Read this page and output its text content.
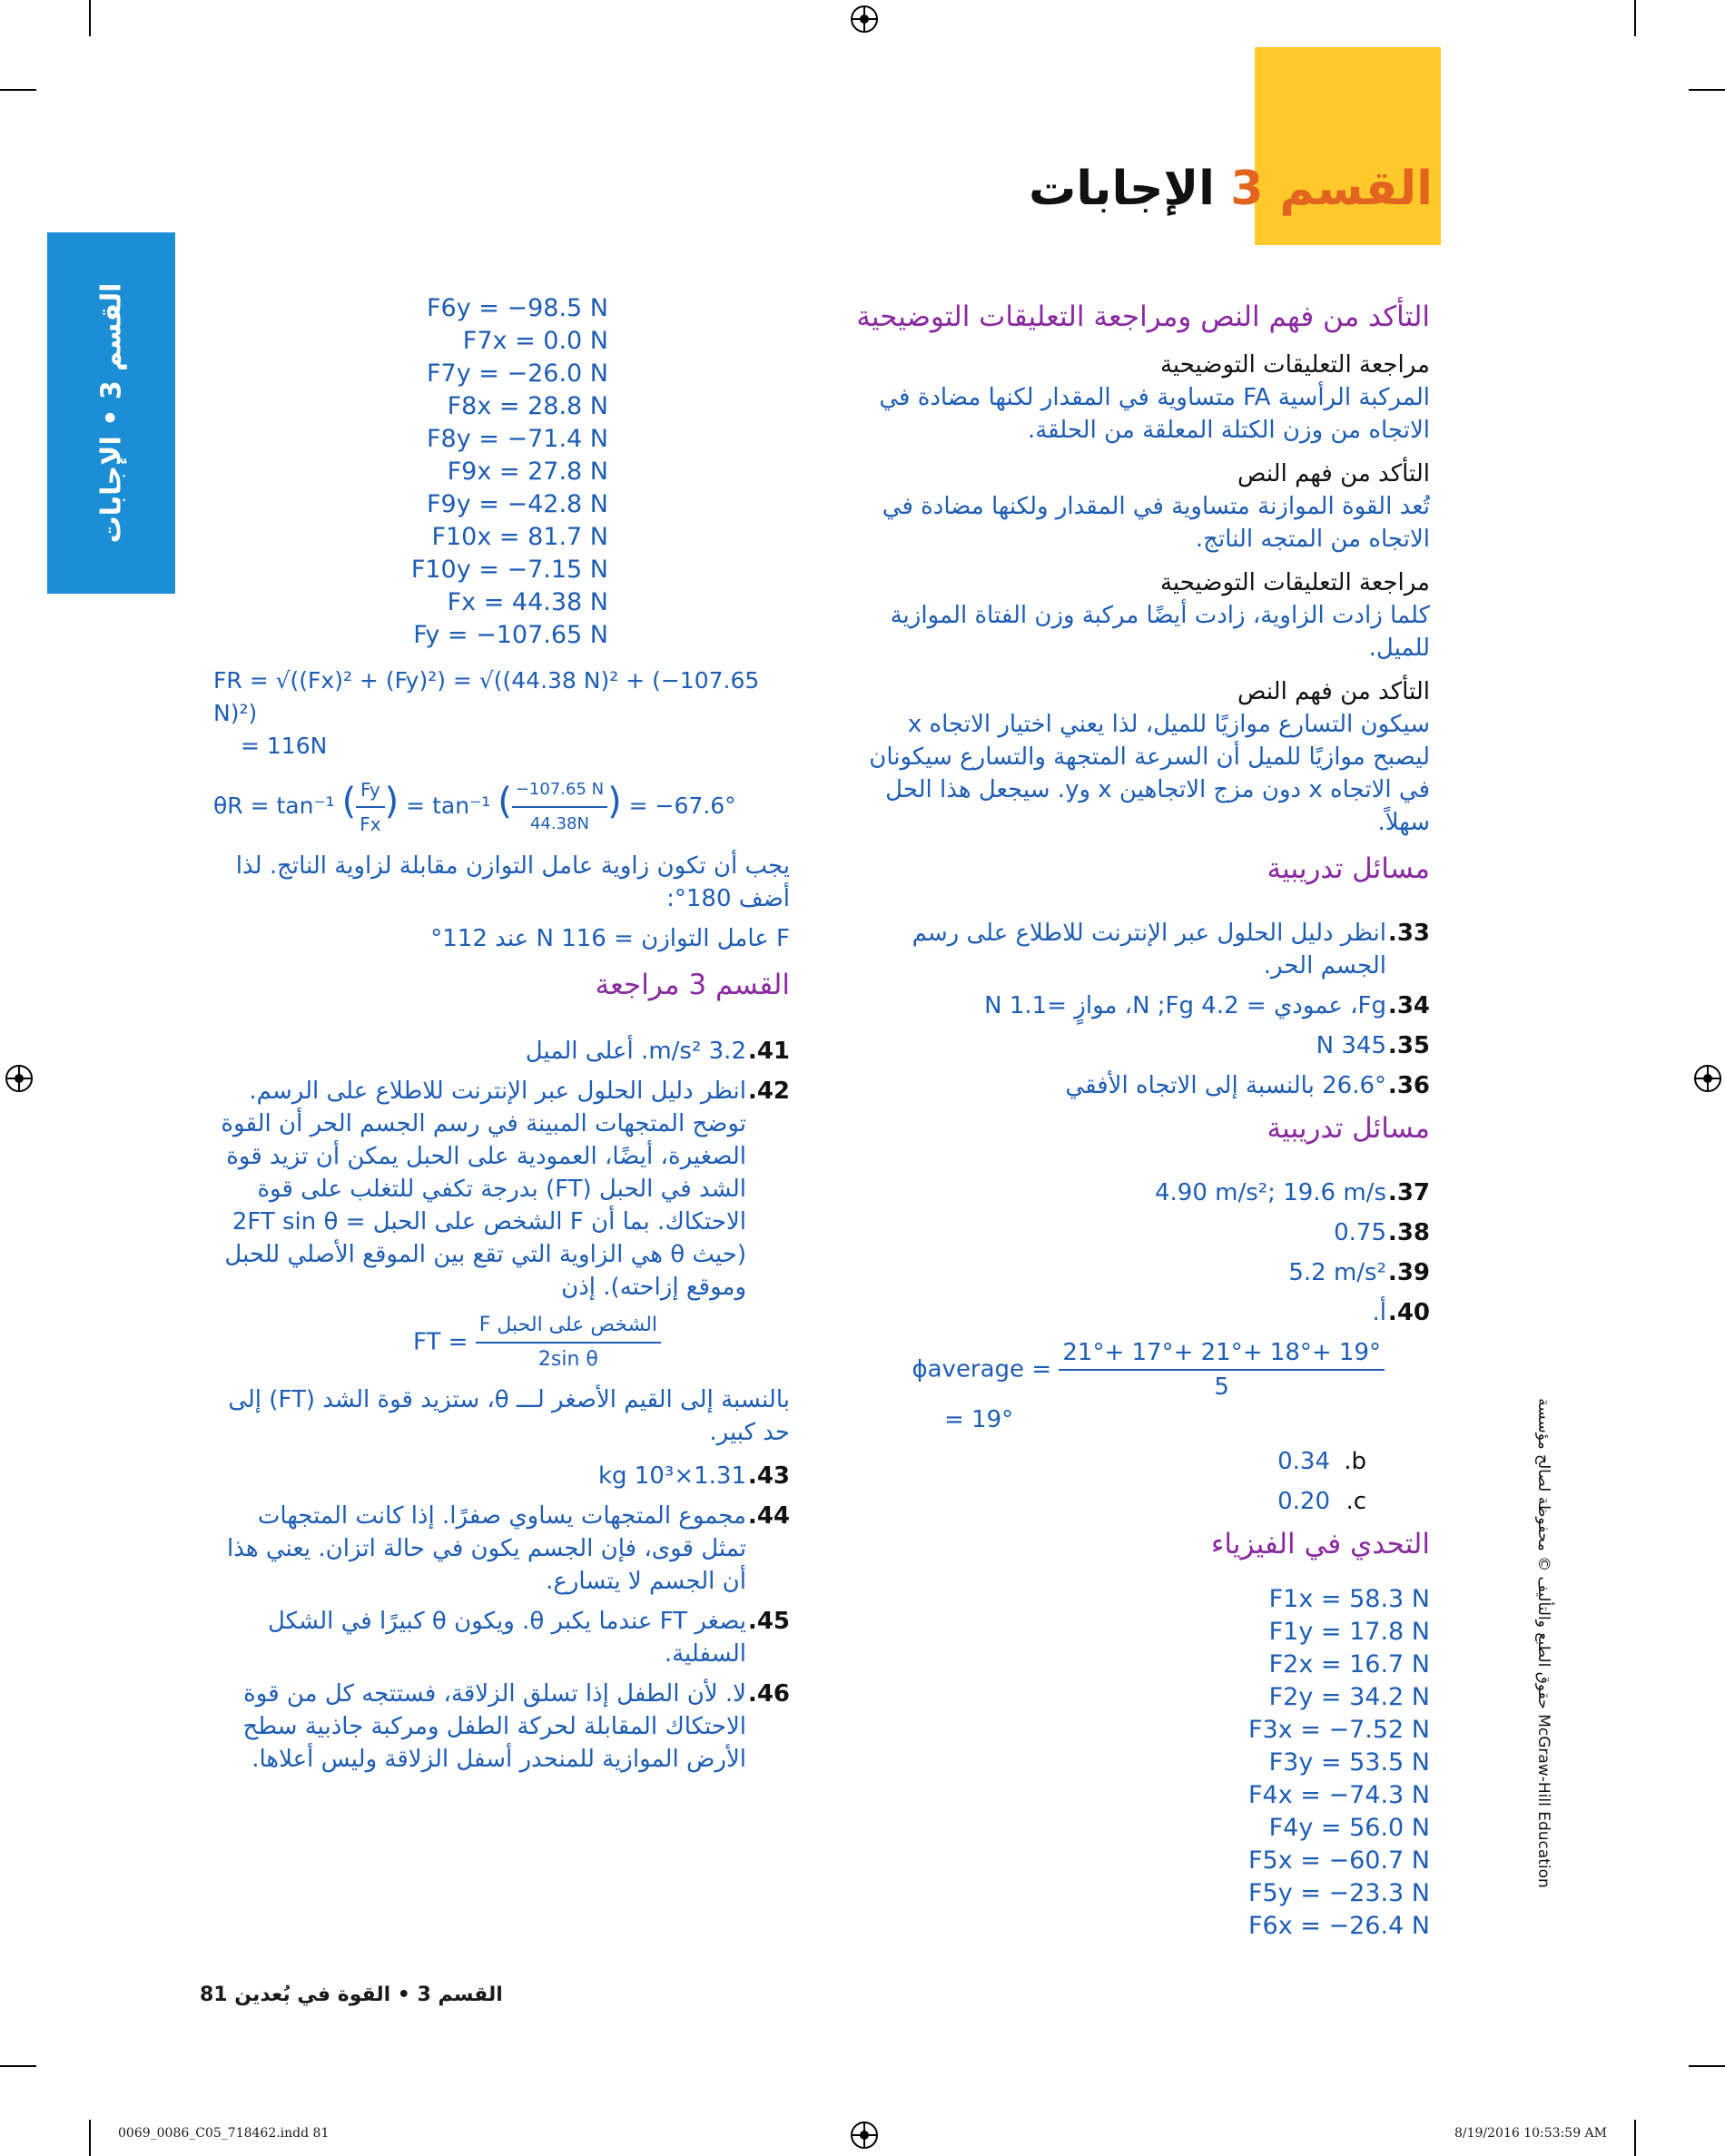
القسم 3
الإجابات
القسم 3 • الإجابات	التأكد من فهم النص ومراجعة التعليقات التوضيحية

مراجعة التعليقات التوضيحية

المركبة الرأسية FA متساوية في المقدار لكنها مضادة في الاتجاه من وزن الكتلة المعلقة من الحلقة.

التأكد من فهم النص

تُعد القوة الموازنة متساوية في المقدار ولكنها مضادة في الاتجاه من المتجه الناتج.

مراجعة التعليقات التوضيحية

كلما زادت الزاوية، زادت أيضًا مركبة وزن الفتاة الموازية للميل.

التأكد من فهم النص

سيكون التسارع موازيًا للميل، لذا يعني اختيار الاتجاه x ليصبح موازيًا للميل أن السرعة المتجهة والتسارع سيكونان في الاتجاه x دون مزج الاتجاهين x وy. سيجعل هذا الحل سهلاً.

مسائل تدريبية
33.
انظر دليل الحلول عبر الإنترنت للاطلاع على رسم الجسم الحر.
34.
Fg، عمودي = 4.2 N ;Fg، موازٍ =1.1 N
35.
345 N
36.
26.6° بالنسبة إلى الاتجاه الأفقي
مسائل تدريبية
37.
4.90 m/s²; 19.6 m/s
38.
0.75
39.
5.2 m/s²
40.
أ.
ϕaverage = $\frac{21^\circ+ 17^\circ+ 21^\circ+ 18^\circ+ 19^\circ}{5}$
= 19°
b.
0.34
c.
0.20
التحدي في الفيزياء
F1x = 58.3 N
F1y = 17.8 N
F2x = 16.7 N
F2y = 34.2 N
F3x = −7.52 N
F3y = 53.5 N
F4x = −74.3 N
F4y = 56.0 N
F5x = −60.7 N
F5y = −23.3 N
F6x = −26.4 N
F6y = −98.5 N
F7x = 0.0 N
F7y = −26.0 N
F8x = 28.8 N
F8y = −71.4 N
F9x = 27.8 N
F9y = −42.8 N
F10x = 81.7 N
F10y = −7.15 N
Fx = 44.38 N
Fy = −107.65 N
FR = √((Fx)² + (Fy)²) = √((44.38 N)² + (−107.65 N)²)
= 116N
θR = tan⁻¹ ( $\frac{Fy}{Fx}$ ) = tan⁻¹ ( $\frac{-107.65 N}{44.38N}$ ) = −67.6°

يجب أن تكون زاوية عامل التوازن مقابلة لزاوية الناتج. لذا أضف 180°:

F عامل التوازن = 116 N عند 112°

القسم 3 مراجعة
41.
3.2 m/s². أعلى الميل
42.
انظر دليل الحلول عبر الإنترنت للاطلاع على الرسم. توضح المتجهات المبينة في رسم الجسم الحر أن القوة الصغيرة، أيضًا، العمودية على الحبل يمكن أن تزيد قوة الشد في الحبل (FT) بدرجة تكفي للتغلب على قوة الاحتكاك. بما أن F الشخص على الحبل = 2FT sin θ (حيث θ هي الزاوية التي تقع بين الموقع الأصلي للحبل وموقع إزاحته). إذن
FT = $\frac{\text{F الشخص على الحبل}}{\text{2sin θ}}$

بالنسبة إلى القيم الأصغر لـــ θ، ستزيد قوة الشد (FT) إلى حد كبير.

43.
1.31×10³ kg
44.
مجموع المتجهات يساوي صفرًا. إذا كانت المتجهات تمثل قوى، فإن الجسم يكون في حالة اتزان. يعني هذا أن الجسم لا يتسارع.
45.
يصغر FT عندما يكبر θ. ويكون θ كبيرًا في الشكل السفلية.
46.
لا. لأن الطفل إذا تسلق الزلاقة، فستتجه كل من قوة الاحتكاك المقابلة لحركة الطفل ومركبة جاذبية سطح الأرض الموازية للمنحدر أسفل الزلاقة وليس أعلاها.
حقوق الطبع والتأليف © محفوظة لصالح مؤسسة McGraw-Hill Education
القسم 3 • القوة في بُعدين 81
0069_0086_C05_718462.indd 81	8/19/2016 10:53:59 AM
